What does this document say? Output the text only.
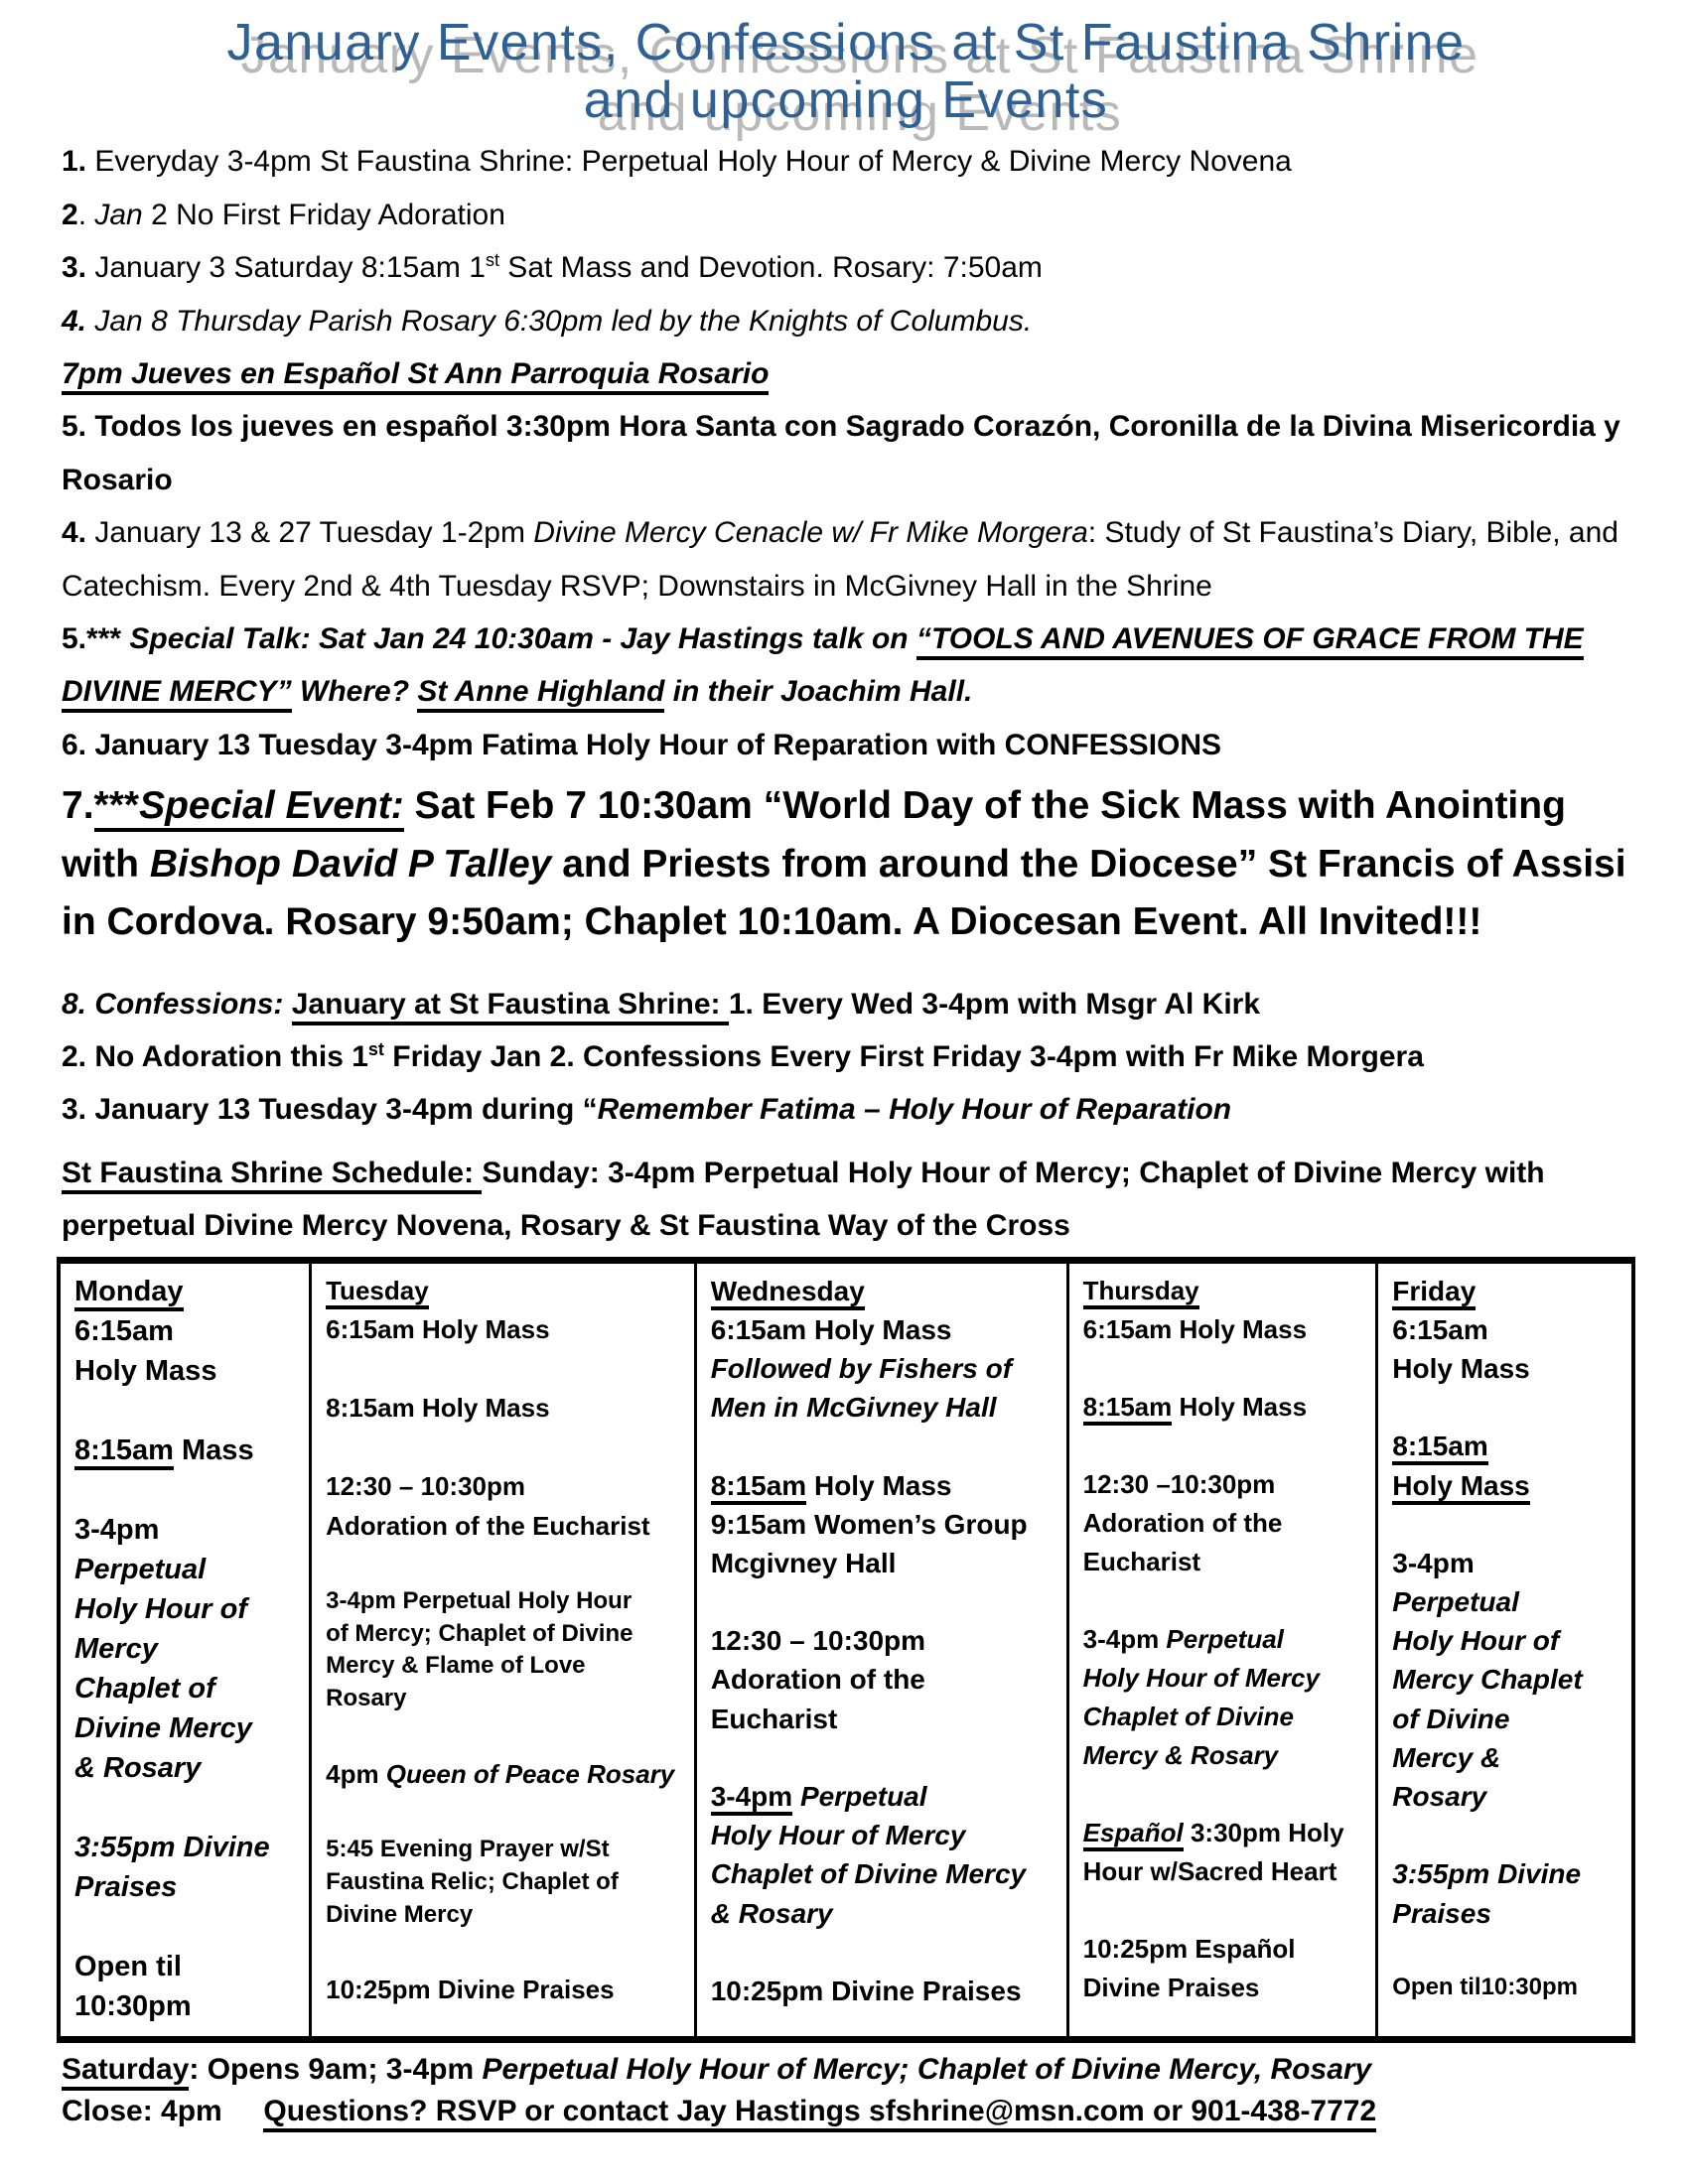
January Events, Confessions at St Faustina Shrine
and upcoming Events

1. Everyday 3-4pm St Faustina Shrine: Perpetual Holy Hour of Mercy & Divine Mercy Novena

2. Jan 2 No First Friday Adoration

3. January 3 Saturday 8:15am 1st Sat Mass and Devotion. Rosary: 7:50am

4. Jan 8 Thursday Parish Rosary 6:30pm led by the Knights of Columbus.

7pm Jueves en Español St Ann Parroquia Rosario

5. Todos los jueves en español 3:30pm Hora Santa con Sagrado Corazón, Coronilla de la Divina Misericordia y Rosario

4. January 13 & 27 Tuesday 1-2pm Divine Mercy Cenacle w/ Fr Mike Morgera: Study of St Faustina’s Diary, Bible, and Catechism. Every 2nd & 4th Tuesday RSVP; Downstairs in McGivney Hall in the Shrine

5.*** Special Talk: Sat Jan 24 10:30am - Jay Hastings talk on “TOOLS AND AVENUES OF GRACE FROM THE DIVINE MERCY” Where? St Anne Highland in their Joachim Hall.

6. January 13 Tuesday 3-4pm Fatima Holy Hour of Reparation with CONFESSIONS

7.***Special Event: Sat Feb 7 10:30am “World Day of the Sick Mass with Anointing with Bishop David P Talley and Priests from around the Diocese” St Francis of Assisi in Cordova. Rosary 9:50am; Chaplet 10:10am. A Diocesan Event. All Invited!!!

8. Confessions: January at St Faustina Shrine: 1. Every Wed 3-4pm with Msgr Al Kirk

2. No Adoration this 1st Friday Jan 2. Confessions Every First Friday 3-4pm with Fr Mike Morgera

3. January 13 Tuesday 3-4pm during “Remember Fatima – Holy Hour of Reparation

St Faustina Shrine Schedule: Sunday: 3-4pm Perpetual Holy Hour of Mercy; Chaplet of Divine Mercy with perpetual Divine Mercy Novena, Rosary & St Faustina Way of the Cross

Monday
6:15am
Holy Mass

8:15am Mass

3-4pm
Perpetual
Holy Hour of
Mercy
Chaplet of
Divine Mercy
& Rosary

3:55pm Divine
Praises

Open til
10:30pm
Tuesday
6:15am Holy Mass

8:15am Holy Mass

12:30 – 10:30pm
Adoration of the Eucharist

3-4pm Perpetual Holy Hour
of Mercy; Chaplet of Divine
Mercy & Flame of Love
Rosary

4pm Queen of Peace Rosary

5:45 Evening Prayer w/St
Faustina Relic; Chaplet of
Divine Mercy

10:25pm Divine Praises
Wednesday
6:15am Holy Mass
Followed by Fishers of
Men in McGivney Hall

8:15am Holy Mass
9:15am Women’s Group
Mcgivney Hall

12:30 – 10:30pm
Adoration of the
Eucharist

3-4pm Perpetual
Holy Hour of Mercy
Chaplet of Divine Mercy
& Rosary

10:25pm Divine Praises
Thursday
6:15am Holy Mass

8:15am Holy Mass

12:30 –10:30pm
Adoration of the
Eucharist

3-4pm Perpetual
Holy Hour of Mercy
Chaplet of Divine
Mercy & Rosary

Español 3:30pm Holy
Hour w/Sacred Heart

10:25pm Español
Divine Praises
Friday
6:15am
Holy Mass

8:15am
Holy Mass

3-4pm
Perpetual
Holy Hour of
Mercy Chaplet
of Divine
Mercy &
Rosary

3:55pm Divine
Praises

Open til10:30pm

Saturday: Opens 9am; 3-4pm Perpetual Holy Hour of Mercy; Chaplet of Divine Mercy, Rosary

Close: 4pm Questions? RSVP or contact Jay Hastings sfshrine@msn.com or 901-438-7772
